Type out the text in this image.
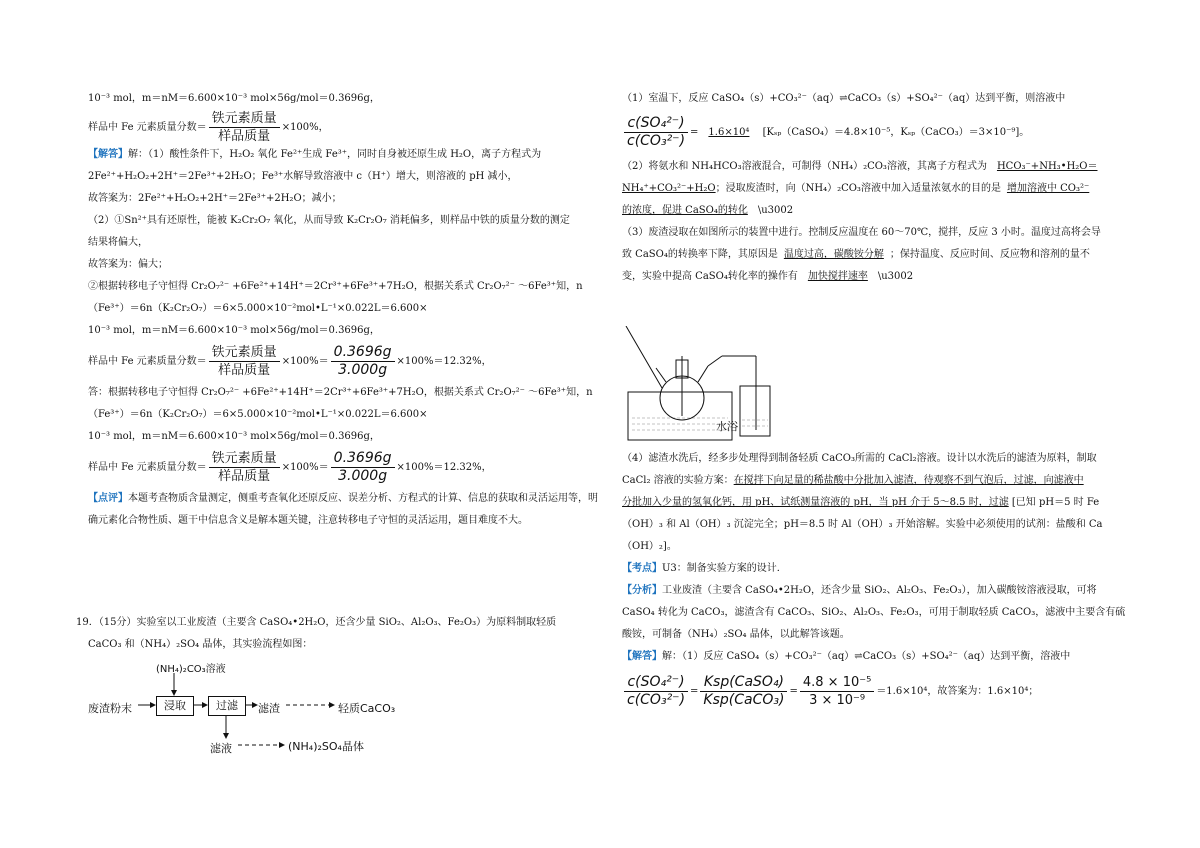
10⁻³ mol，m＝nM＝6.600×10⁻³ mol×56g/mol＝0.3696g，

样品中 Fe 元素质量分数＝ $\frac{\text{铁元素质量}}{\text{样品质量}} \times 100\%$，

【解答】解：（1）酸性条件下，H₂O₂ 氧化 Fe²⁺生成 Fe³⁺，同时自身被还原生成 H₂O，离子方程式为

2Fe²⁺+H₂O₂+2H⁺＝2Fe³⁺+2H₂O；Fe³⁺水解导致溶液中 c（H⁺）增大，则溶液的 pH 减小，

故答案为：2Fe²⁺+H₂O₂+2H⁺＝2Fe³⁺+2H₂O；减小；

（2）①Sn²⁺具有还原性，能被 K₂Cr₂O₇ 氧化，从而导致 K₂Cr₂O₇ 消耗偏多，则样品中铁的质量分数的测定

结果将偏大，

故答案为：偏大；

②根据转移电子守恒得 Cr₂O₇²⁻ +6Fe²⁺+14H⁺＝2Cr³⁺+6Fe³⁺+7H₂O，根据关系式 Cr₂O₇²⁻ ～6Fe³⁺知，n

（Fe³⁺）＝6n（K₂Cr₂O₇）＝6×5.000×10⁻²mol•L⁻¹×0.022L＝6.600×

10⁻³ mol，m＝nM＝6.600×10⁻³ mol×56g/mol＝0.3696g，

样品中 Fe 元素质量分数＝ $\frac{\text{铁元素质量}}{\text{样品质量}} \times 100\%= \frac{0.3696g}{3.000g} \times 100\%=12.32\%$，

答：根据转移电子守恒得 Cr₂O₇²⁻ +6Fe²⁺+14H⁺＝2Cr³⁺+6Fe³⁺+7H₂O，根据关系式 Cr₂O₇²⁻ ～6Fe³⁺知，n

（Fe³⁺）＝6n（K₂Cr₂O₇）＝6×5.000×10⁻²mol•L⁻¹×0.022L＝6.600×

10⁻³ mol，m＝nM＝6.600×10⁻³ mol×56g/mol＝0.3696g，

样品中 Fe 元素质量分数＝ $\frac{\text{铁元素质量}}{\text{样品质量}} \times 100\%= \frac{0.3696g}{3.000g} \times 100\%=12.32\%$，

【点评】本题考查物质含量测定，侧重考查氧化还原反应、误差分析、方程式的计算、信息的获取和灵活运用等，明确元素化合物性质、题干中信息含义是解本题关键，注意转移电子守恒的灵活运用，题目难度不大。

19．（15分）实验室以工业废渣（主要含 CaSO₄•2H₂O，还含少量 SiO₂、Al₂O₃、Fe₂O₃）为原料制取轻质

CaCO₃ 和（NH₄）₂SO₄ 晶体，其实验流程如图：

(NH₄)₂CO₃溶液
废渣粉末	浸取	过滤	滤渣	轻质CaCO₃
滤液	(NH₄)₂SO₄晶体

（1）室温下，反应 CaSO₄（s）+CO₃²⁻（aq）⇌CaCO₃（s）+SO₄²⁻（aq）达到平衡，则溶液中

$\frac{\text{c(SO₄²⁻)}}{\text{c(CO₃²⁻)}} = 1.6\times 10^4$ [Kₛₚ（CaSO₄）＝4.8×10⁻⁵，Kₛₚ（CaCO₃）＝3×10⁻⁹]。

（2）将氨水和 NH₄HCO₃溶液混合，可制得（NH₄）₂CO₃溶液，其离子方程式为 HCO₃⁻+NH₃•H₂O＝

NH₄⁺+CO₃²⁻+H₂O；浸取废渣时，向（NH₄）₂CO₃溶液中加入适量浓氨水的目的是 增加溶液中 CO₃²⁻

的浓度，促进 CaSO₄的转化 \u3002

（3）废渣浸取在如图所示的装置中进行。控制反应温度在 60～70℃，搅拌，反应 3 小时。温度过高将会导

致 CaSO₄的转换率下降，其原因是 温度过高，碳酸铵分解 ；保持温度、反应时间、反应物和溶剂的量不

变，实验中提高 CaSO₄转化率的操作有 加快搅拌速率 \u3002

水浴

（4）滤渣水洗后，经多步处理得到制备轻质 CaCO₃所需的 CaCl₂溶液。设计以水洗后的滤渣为原料，制取

CaCl₂ 溶液的实验方案：在搅拌下向足量的稀盐酸中分批加入滤渣，待观察不到气泡后，过滤，向滤液中

分批加入少量的氢氧化钙，用 pH、试纸测量溶液的 pH，当 pH 介于 5～8.5 时，过滤 [已知 pH＝5 时 Fe

（OH）₃ 和 Al（OH）₃ 沉淀完全；pH＝8.5 时 Al（OH）₃ 开始溶解。实验中必须使用的试剂：盐酸和 Ca

（OH）₂]。

【考点】U3：制备实验方案的设计．

【分析】工业废渣（主要含 CaSO₄•2H₂O，还含少量 SiO₂、Al₂O₃、Fe₂O₃），加入碳酸铵溶液浸取，可将

CaSO₄ 转化为 CaCO₃，滤渣含有 CaCO₃、SiO₂、Al₂O₃、Fe₂O₃，可用于制取轻质 CaCO₃，滤液中主要含有硫

酸铵，可制备（NH₄）₂SO₄ 晶体，以此解答该题。

【解答】解：（1）反应 CaSO₄（s）+CO₃²⁻（aq）⇌CaCO₃（s）+SO₄²⁻（aq）达到平衡，溶液中

$\frac{\text{c(SO₄²⁻)}}{\text{c(CO₃²⁻)}} = \frac{\text{Ksp(CaSO₄)}}{\text{Ksp(CaCO₃)}} = \frac{\text{4.8 × 10⁻⁵}}{\text{3 × 10⁻⁹}} =1.6\times 10^4$，故答案为：1.6×10⁴；
